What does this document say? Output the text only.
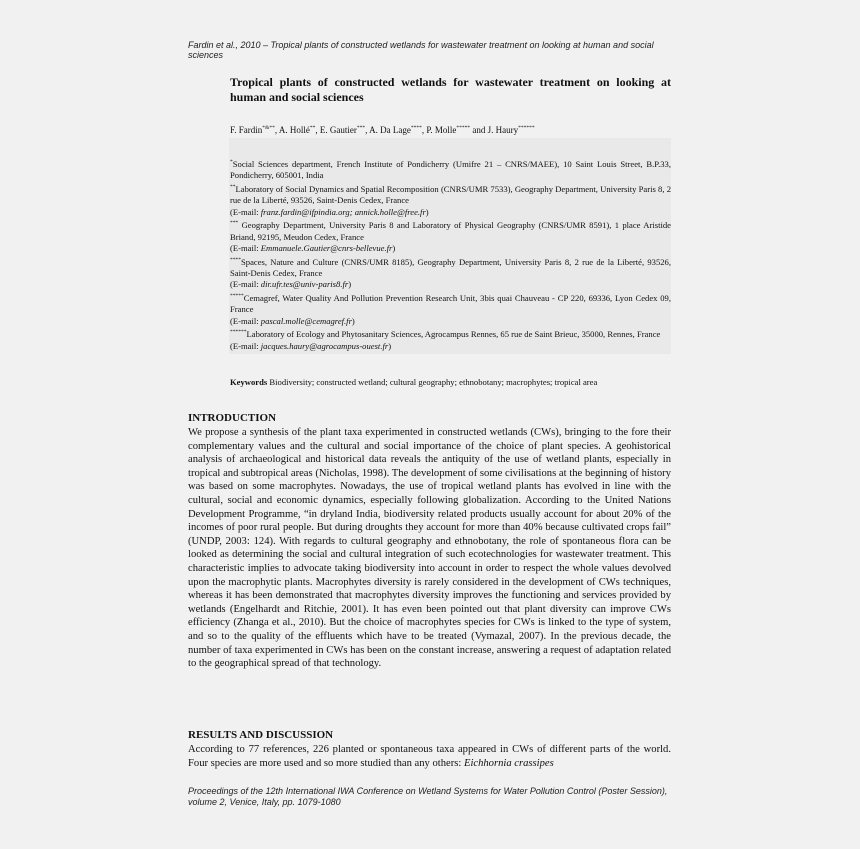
Fardin et al., 2010 – Tropical plants of constructed wetlands for wastewater treatment on looking at human and social sciences
Tropical plants of constructed wetlands for wastewater treatment on looking at human and social sciences
F. Fardin*&**, A. Hollé**, E. Gautier***, A. Da Lage****, P. Molle***** and J. Haury******
*Social Sciences department, French Institute of Pondicherry (Umifre 21 – CNRS/MAEE), 10 Saint Louis Street, B.P.33, Pondicherry, 605001, India
**Laboratory of Social Dynamics and Spatial Recomposition (CNRS/UMR 7533), Geography Department, University Paris 8, 2 rue de la Liberté, 93526, Saint-Denis Cedex, France
(E-mail: franz.fardin@ifpindia.org; annick.holle@free.fr)
*** Geography Department, University Paris 8 and Laboratory of Physical Geography (CNRS/UMR 8591), 1 place Aristide Briand, 92195, Meudon Cedex, France
(E-mail: Emmanuele.Gautier@cnrs-bellevue.fr)
****Spaces, Nature and Culture (CNRS/UMR 8185), Geography Department, University Paris 8, 2 rue de la Liberté, 93526, Saint-Denis Cedex, France
(E-mail: dir.ufr.tes@univ-paris8.fr)
*****Cemagref, Water Quality And Pollution Prevention Research Unit, 3bis quai Chauveau - CP 220, 69336, Lyon Cedex 09, France
(E-mail: pascal.molle@cemagref.fr)
******Laboratory of Ecology and Phytosanitary Sciences, Agrocampus Rennes, 65 rue de Saint Brieuc, 35000, Rennes, France
(E-mail: jacques.haury@agrocampus-ouest.fr)
Keywords Biodiversity; constructed wetland; cultural geography; ethnobotany; macrophytes; tropical area
INTRODUCTION
We propose a synthesis of the plant taxa experimented in constructed wetlands (CWs), bringing to the fore their complementary values and the cultural and social importance of the choice of plant species. A geohistorical analysis of archaeological and historical data reveals the antiquity of the use of wetland plants, especially in tropical and subtropical areas (Nicholas, 1998). The development of some civilisations at the beginning of history was based on some macrophytes. Nowadays, the use of tropical wetland plants has evolved in line with the cultural, social and economic dynamics, especially following globalization. According to the United Nations Development Programme, “in dryland India, biodiversity related products usually account for about 20% of the incomes of poor rural people. But during droughts they account for more than 40% because cultivated crops fail” (UNDP, 2003: 124). With regards to cultural geography and ethnobotany, the role of spontaneous flora can be looked as determining the social and cultural integration of such ecotechnologies for wastewater treatment. This characteristic implies to advocate taking biodiversity into account in order to respect the whole values devolved upon the macrophytic plants. Macrophytes diversity is rarely considered in the development of CWs techniques, whereas it has been demonstrated that macrophytes diversity improves the functioning and services provided by wetlands (Engelhardt and Ritchie, 2001). It has even been pointed out that plant diversity can improve CWs efficiency (Zhanga et al., 2010). But the choice of macrophytes species for CWs is linked to the type of system, and so to the quality of the effluents which have to be treated (Vymazal, 2007). In the previous decade, the number of taxa experimented in CWs has been on the constant increase, answering a request of adaptation related to the geographical spread of that technology.
RESULTS AND DISCUSSION
According to 77 references, 226 planted or spontaneous taxa appeared in CWs of different parts of the world. Four species are more used and so more studied than any others: Eichhornia crassipes
Proceedings of the 12th International IWA Conference on Wetland Systems for Water Pollution Control (Poster Session), volume 2, Venice, Italy, pp. 1079-1080
